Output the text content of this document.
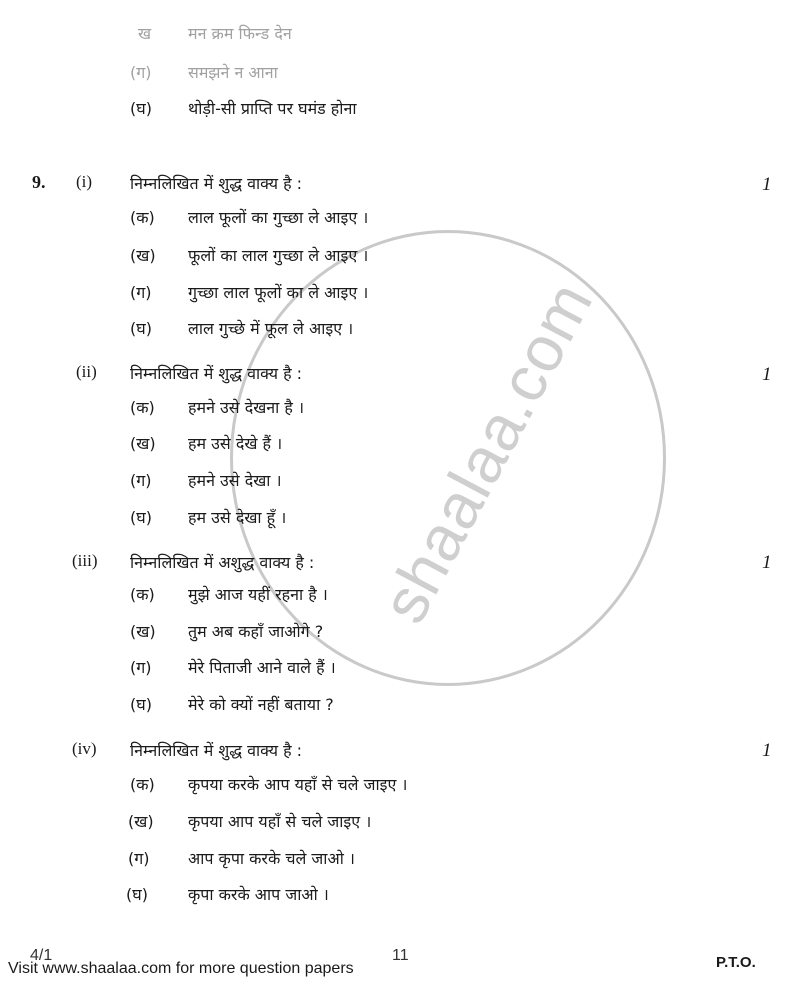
shaalaa.com
ख मन क्रम फिन्ड देन
(ग) समझने न आना
(घ) थोड़ी-सी प्राप्ति पर घमंड होना
9. (i) निम्नलिखित में शुद्ध वाक्य है :	1
(क) लाल फूलों का गुच्छा ले आइए ।
(ख) फूलों का लाल गुच्छा ले आइए ।
(ग) गुच्छा लाल फूलों का ले आइए ।
(घ) लाल गुच्छे में फूल ले आइए ।
(ii) निम्नलिखित में शुद्ध वाक्य है :	1
(क) हमने उसे देखना है ।
(ख) हम उसे देखे हैं ।
(ग) हमने उसे देखा ।
(घ) हम उसे देखा हूँ ।
(iii) निम्नलिखित में अशुद्ध वाक्य है :	1
(क) मुझे आज यहीं रहना है ।
(ख) तुम अब कहाँ जाओगे ?
(ग) मेरे पिताजी आने वाले हैं ।
(घ) मेरे को क्यों नहीं बताया ?
(iv) निम्नलिखित में शुद्ध वाक्य है :	1
(क) कृपया करके आप यहाँ से चले जाइए ।
(ख) कृपया आप यहाँ से चले जाइए ।
(ग) आप कृपा करके चले जाओ ।
(घ)	कृपा करके आप जाओ ।
4/1	11
Visit www.shaalaa.com for more question papers	P.T.O.
